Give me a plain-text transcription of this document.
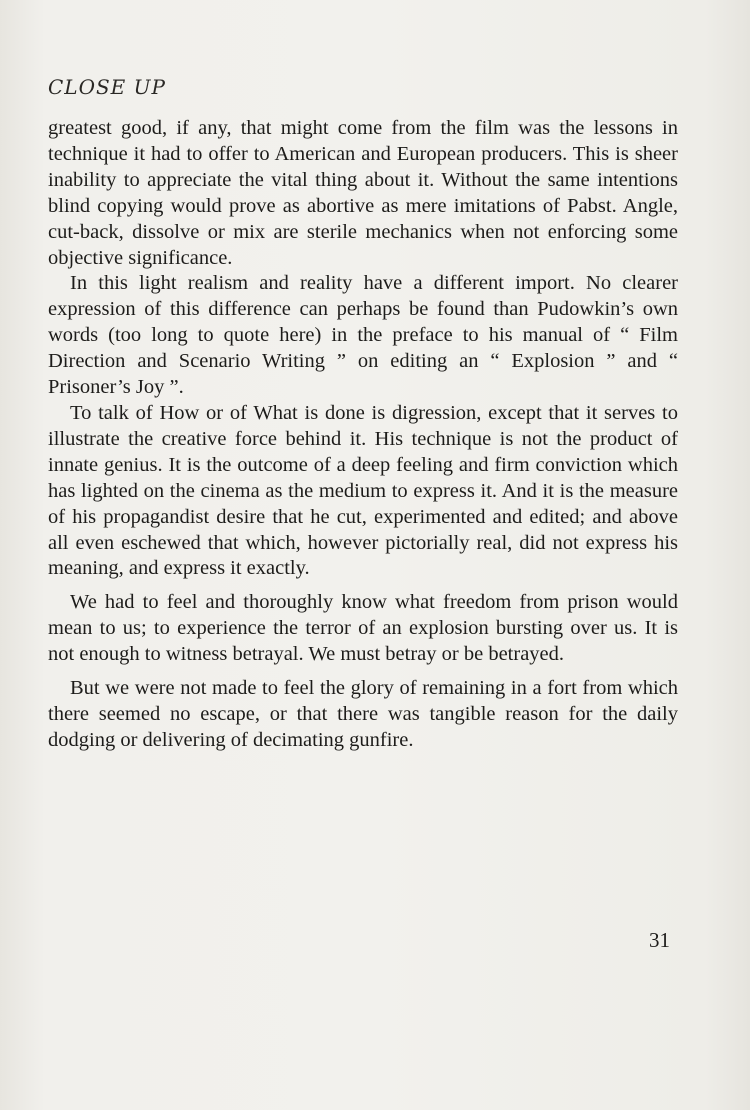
CLOSE UP

greatest good, if any, that might come from the film was the lessons in technique it had to offer to American and European producers. This is sheer inability to appreciate the vital thing about it. Without the same intentions blind copying would prove as abortive as mere imitations of Pabst. Angle, cut-back, dissolve or mix are sterile mechanics when not enforcing some objective significance.

In this light realism and reality have a different import. No clearer expression of this difference can perhaps be found than Pudowkin’s own words (too long to quote here) in the preface to his manual of “ Film Direction and Scenario Writing ” on editing an “ Explosion ” and “ Prisoner’s Joy ”.

To talk of How or of What is done is digression, except that it serves to illustrate the creative force behind it. His technique is not the product of innate genius. It is the outcome of a deep feeling and firm conviction which has lighted on the cinema as the medium to express it. And it is the measure of his propagandist desire that he cut, experimented and edited; and above all even eschewed that which, however pictorially real, did not express his meaning, and express it exactly.

We had to feel and thoroughly know what freedom from prison would mean to us; to experience the terror of an explosion bursting over us. It is not enough to witness betrayal. We must betray or be betrayed.

But we were not made to feel the glory of remaining in a fort from which there seemed no escape, or that there was tangible reason for the daily dodging or delivering of decimating gunfire.

31
